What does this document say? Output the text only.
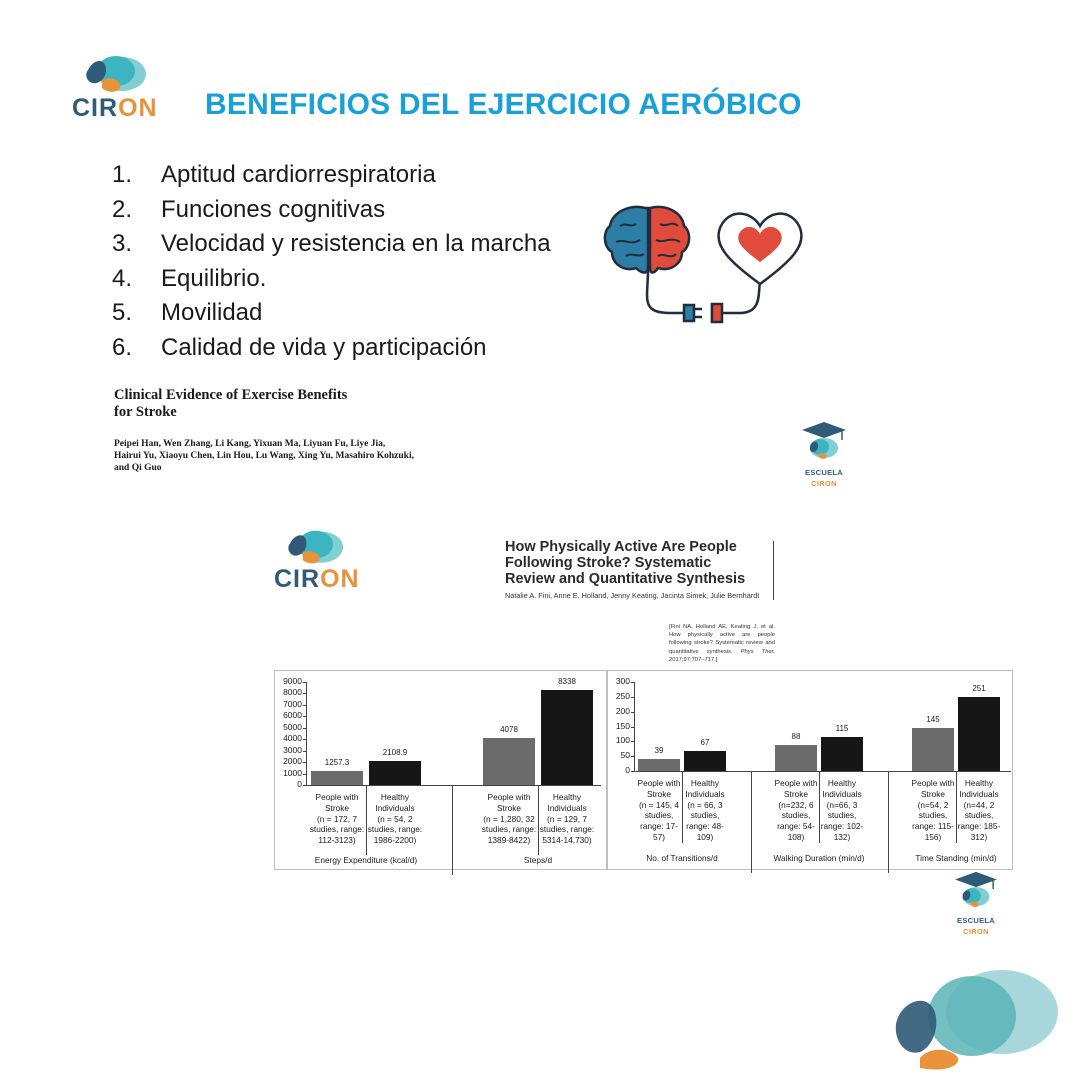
CIRON BENEFICIOS DEL EJERCICIO AERÓBICO
1.	Aptitud cardiorrespiratoria
2.	Funciones cognitivas
3.	Velocidad y resistencia en la marcha
4.	Equilibrio.
5.	Movilidad
6.	Calidad de vida y participación
Clinical Evidence of Exercise Benefits
for Stroke
Peipei Han, Wen Zhang, Li Kang, Yixuan Ma, Liyuan Fu, Liye Jia, Hairui Yu, Xiaoyu Chen, Lin Hou, Lu Wang, Xing Yu, Masahiro Kohzuki, and Qi Guo	ESCUELA
CIRON
CIRON
How Physically Active Are People
Following Stroke? Systematic
Review and Quantitative Synthesis
Natalie A. Fini, Anne E. Holland, Jenny Keating, Jacinta Simek, Julie Bernhardt
[Fini NA, Holland AE, Keating J, et al. How physically active are people following stroke? Systematic review and quantitative synthesis. Phys Ther. 2017;97:707–717.]
0
1000
2000
3000
4000
5000
6000
7000
8000
9000
1257.3
People with
Stroke
(n = 172, 7
studies, range:
112-3123)
2108.9
Healthy
Individuals
(n = 54, 2
studies, range:
1986-2200)
Energy Expenditure (kcal/d)
4078
People with
Stroke
(n = 1,280, 32
studies, range:
1389-8422)
8338
Healthy
Individuals
(n = 129, 7
studies, range:
5314-14,730)
Steps/d
0
50
100
150
200
250
300
39
People with
Stroke
(n = 145, 4
studies,
range: 17-
57)
67
Healthy
Individuals
(n = 66, 3
studies,
range: 48-
109)
No. of Transitions/d
88
People with
Stroke
(n=232, 6
studies,
range: 54-
108)
115
Healthy
Individuals
(n=66, 3
studies,
range: 102-
132)
Walking Duration (min/d)
145
People with
Stroke
(n=54, 2
studies,
range: 115-
156)
251
Healthy
Individuals
(n=44, 2
studies,
range: 185-
312)
Time Standing (min/d)
ESCUELA
CIRON
